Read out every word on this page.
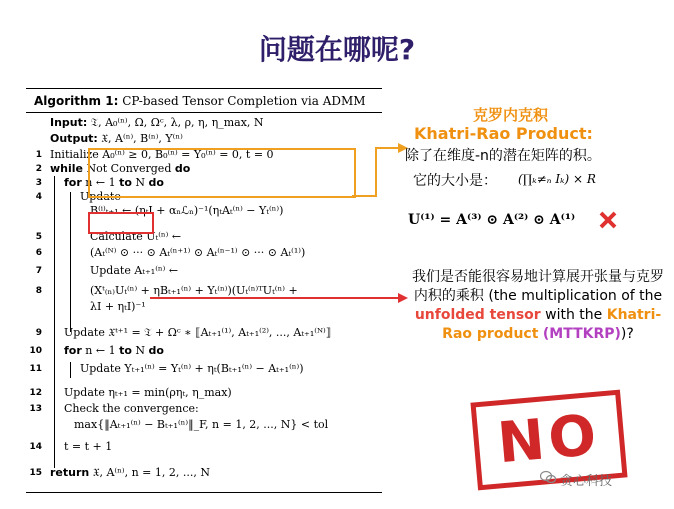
问题在哪呢?
Algorithm 1: CP-based Tensor Completion via ADMM
Input: 𝔗, A₀⁽ⁿ⁾, Ω, Ωᶜ, λ, ρ, η, η_max, N
Output: 𝔛, A⁽ⁿ⁾, B⁽ⁿ⁾, Y⁽ⁿ⁾
1 Initialize A₀⁽ⁿ⁾ ≥ 0, B₀⁽ⁿ⁾ = Y₀⁽ⁿ⁾ = 0, t = 0
2 while Not Converged do
3 for n ← 1 to N do
4	Update
B⁽ⁱ⁾ₜ₊₁ ← (ηₜI + αₙℒₙ)⁻¹(ηₜAₜ⁽ⁿ⁾ − Yₜ⁽ⁿ⁾)
5	Calculate Uₜ⁽ⁿ⁾ ←
6	(Aₜ⁽ᴺ⁾ ⊙ ··· ⊙ Aₜ⁽ⁿ⁺¹⁾ ⊙ Aₜ⁽ⁿ⁻¹⁾ ⊙ ··· ⊙ Aₜ⁽¹⁾)
7	Update Aₜ₊₁⁽ⁿ⁾ ←
8	(Xᵗ₍ₙ₎Uₜ⁽ⁿ⁾ + ηBₜ₊₁⁽ⁿ⁾ + Yₜ⁽ⁿ⁾)(Uₜ⁽ⁿ⁾ᵀUₜ⁽ⁿ⁾ +
λI + ηₜI)⁻¹
9 Update 𝔛ᵗ⁺¹ = 𝔗 + Ωᶜ ∗ ⟦Aₜ₊₁⁽¹⁾, Aₜ₊₁⁽²⁾, ..., Aₜ₊₁⁽ᴺ⁾⟧
10 for n ← 1 to N do
11	Update Yₜ₊₁⁽ⁿ⁾ = Yₜ⁽ⁿ⁾ + ηₜ(Bₜ₊₁⁽ⁿ⁾ − Aₜ₊₁⁽ⁿ⁾)
12 Update ηₜ₊₁ = min(ρηₜ, η_max)
13 Check the convergence:
max{‖Aₜ₊₁⁽ⁿ⁾ − Bₜ₊₁⁽ⁿ⁾‖_F, n = 1, 2, ..., N} < tol
14 t = t + 1
15 return 𝔛, A⁽ⁿ⁾, n = 1, 2, ..., N
克罗内克积
Khatri-Rao Product:
除了在维度-n的潜在矩阵的积。
它的大小是： (∏ₖ≠ₙ Iₖ) × R
U⁽¹⁾ = A⁽³⁾ ⊙ A⁽²⁾ ⊙ A⁽¹⁾
我们是否能很容易地计算展开张量与克罗内积的乘积 (the multiplication of the unfolded tensor with the Khatri-Rao product (MTTKRP))?
NO
贪心科技
